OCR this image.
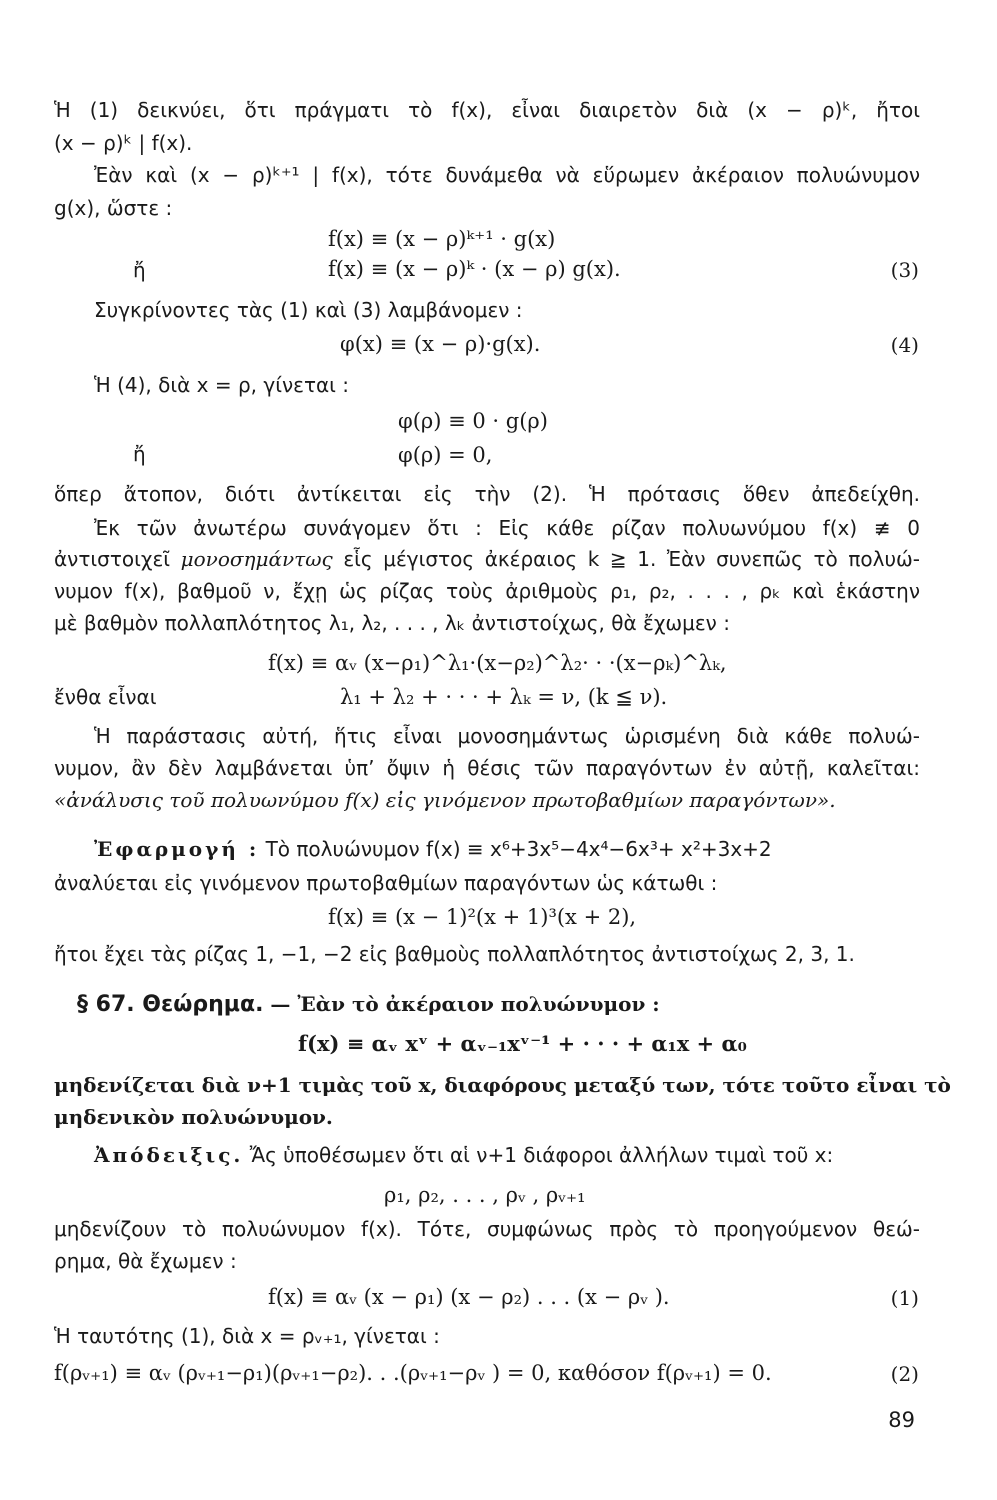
Ἡ (1) δεικνύει, ὅτι πράγματι τὸ f(x), εἶναι διαιρετὸν διὰ (x − ρ)ᵏ, ἤτοι
(x − ρ)ᵏ | f(x).
Ἐὰν καὶ (x − ρ)ᵏ⁺¹ | f(x), τότε δυνάμεθα νὰ εὕρωμεν ἀκέραιον πολυώνυμον
g(x), ὥστε :
f(x) ≡ (x − ρ)ᵏ⁺¹ · g(x)
ἤ	f(x) ≡ (x − ρ)ᵏ · (x − ρ) g(x).	(3)
Συγκρίνοντες τὰς (1) καὶ (3) λαμβάνομεν :
φ(x) ≡ (x − ρ)·g(x).	(4)
Ἡ (4), διὰ x = ρ, γίνεται :
φ(ρ) ≡ 0 · g(ρ)
ἤ	φ(ρ) = 0,
ὅπερ ἄτοπον, διότι ἀντίκειται εἰς τὴν (2). Ἡ πρότασις ὅθεν ἀπεδείχθη.
Ἐκ τῶν ἀνωτέρω συνάγομεν ὅτι : Εἰς κάθε ρίζαν πολυωνύμου f(x) ≢ 0
ἀντιστοιχεῖ μονοσημάντως εἷς μέγιστος ἀκέραιος k ≧ 1. Ἐὰν συνεπῶς τὸ πολυώ-
νυμον f(x), βαθμοῦ ν, ἔχῃ ὡς ρίζας τοὺς ἀριθμοὺς ρ₁, ρ₂, . . . , ρₖ καὶ ἑκάστην
μὲ βαθμὸν πολλαπλότητος λ₁, λ₂, . . . , λₖ ἀντιστοίχως, θὰ ἔχωμεν :
f(x) ≡ αᵥ (x−ρ₁)^λ₁·(x−ρ₂)^λ₂· · ·(x−ρₖ)^λₖ,
ἔνθα εἶναι	λ₁ + λ₂ + · · · + λₖ = ν, (k ≦ ν).
Ἡ παράστασις αὐτή, ἥτις εἶναι μονοσημάντως ὡρισμένη διὰ κάθε πολυώ-
νυμον, ἂν δὲν λαμβάνεται ὑπ’ ὄψιν ἡ θέσις τῶν παραγόντων ἐν αὐτῇ, καλεῖται:
«ἀνάλυσις τοῦ πολυωνύμου f(x) εἰς γινόμενον πρωτοβαθμίων παραγόντων».
Ἐφαρμογή : Τὸ πολυώνυμον f(x) ≡ x⁶+3x⁵−4x⁴−6x³+ x²+3x+2
ἀναλύεται εἰς γινόμενον πρωτοβαθμίων παραγόντων ὡς κάτωθι :
f(x) ≡ (x − 1)²(x + 1)³(x + 2),
ἤτοι ἔχει τὰς ρίζας 1, −1, −2 εἰς βαθμοὺς πολλαπλότητος ἀντιστοίχως 2, 3, 1.
§ 67. Θεώρημα. — Ἐὰν τὸ ἀκέραιον πολυώνυμον :
f(x) ≡ αᵥ xᵛ + αᵥ₋₁xᵛ⁻¹ + · · · + α₁x + α₀
μηδενίζεται διὰ ν+1 τιμὰς τοῦ x, διαφόρους μεταξύ των, τότε τοῦτο εἶναι τὸ
μηδενικὸν πολυώνυμον.
Ἀπόδειξις. Ἄς ὑποθέσωμεν ὅτι αἱ ν+1 διάφοροι ἀλλήλων τιμαὶ τοῦ x:
ρ₁, ρ₂, . . . , ρᵥ , ρᵥ₊₁
μηδενίζουν τὸ πολυώνυμον f(x). Τότε, συμφώνως πρὸς τὸ προηγούμενον θεώ-
ρημα, θὰ ἔχωμεν :
f(x) ≡ αᵥ (x − ρ₁) (x − ρ₂) . . . (x − ρᵥ ).	(1)
Ἡ ταυτότης (1), διὰ x = ρᵥ₊₁, γίνεται :
f(ρᵥ₊₁) ≡ αᵥ (ρᵥ₊₁−ρ₁)(ρᵥ₊₁−ρ₂). . .(ρᵥ₊₁−ρᵥ ) = 0, καθόσον f(ρᵥ₊₁) = 0.	(2)
89
